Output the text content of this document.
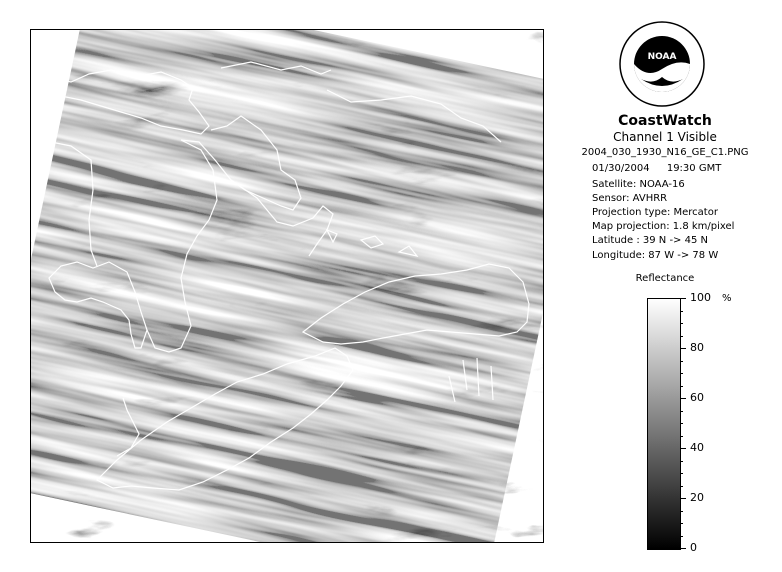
NOAA
CoastWatch
Channel 1 Visible
2004_030_1930_N16_GE_C1.PNG
01/30/2004 19:30 GMT
Satellite: NOAA-16
Sensor: AVHRR
Projection type: Mercator
Map projection: 1.8 km/pixel
Latitude : 39 N -> 45 N
Longitude: 87 W -> 78 W
Reflectance
%
0
20
40
60
80
100
